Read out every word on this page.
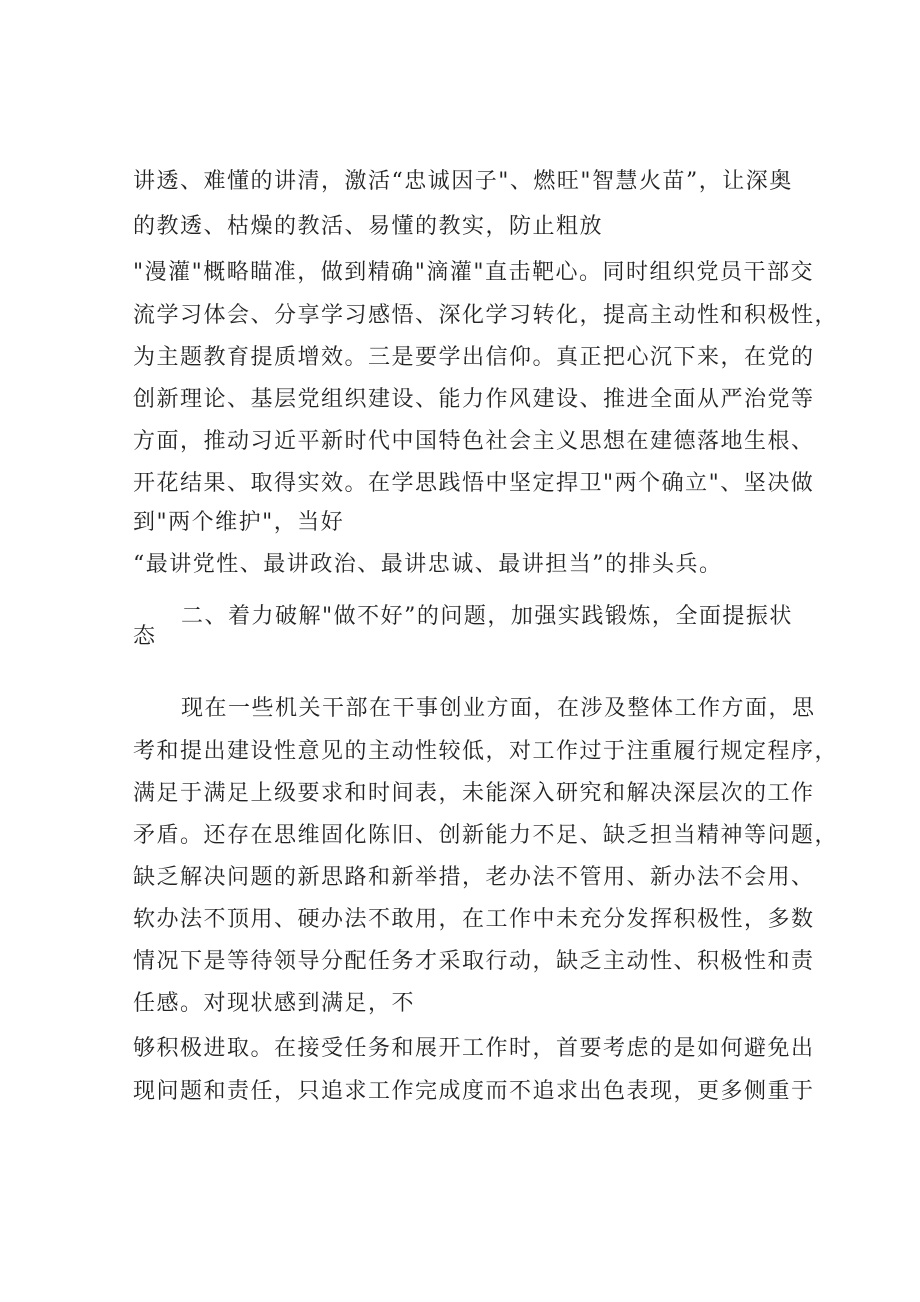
讲透、难懂的讲清，激活“忠诚因子"、燃旺"智慧火苗”，让深奥
的教透、枯燥的教活、易懂的教实，防止粗放
"漫灌"概略瞄准，做到精确"滴灌"直击靶心。同时组织党员干部交
流学习体会、分享学习感悟、深化学习转化，提高主动性和积极性，
为主题教育提质增效。三是要学出信仰。真正把心沉下来，在党的
创新理论、基层党组织建设、能力作风建设、推进全面从严治党等
方面，推动习近平新时代中国特色社会主义思想在建德落地生根、
开花结果、取得实效。在学思践悟中坚定捍卫"两个确立"、坚决做
到"两个维护"，当好
“最讲党性、最讲政治、最讲忠诚、最讲担当”的排头兵。
二、着力破解"做不好”的问题，加强实践锻炼，全面提振状
态
现在一些机关干部在干事创业方面，在涉及整体工作方面，思
考和提出建设性意见的主动性较低，对工作过于注重履行规定程序，
满足于满足上级要求和时间表，未能深入研究和解决深层次的工作
矛盾。还存在思维固化陈旧、创新能力不足、缺乏担当精神等问题，
缺乏解决问题的新思路和新举措，老办法不管用、新办法不会用、
软办法不顶用、硬办法不敢用，在工作中未充分发挥积极性，多数
情况下是等待领导分配任务才采取行动，缺乏主动性、积极性和责
任感。对现状感到满足，不
够积极进取。在接受任务和展开工作时，首要考虑的是如何避免出
现问题和责任，只追求工作完成度而不追求出色表现，更多侧重于
